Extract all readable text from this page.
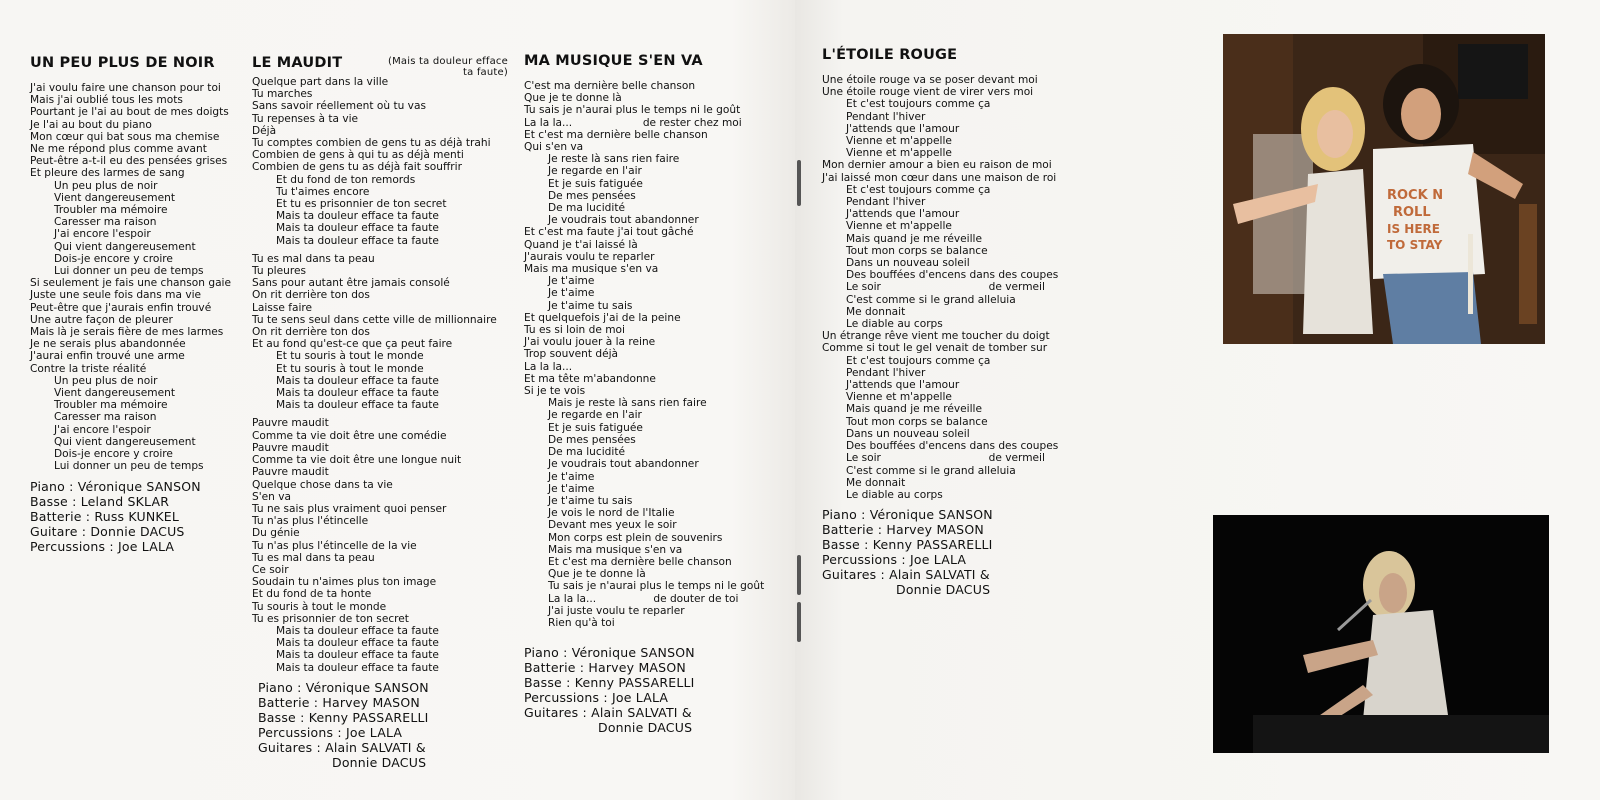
UN PEU PLUS DE NOIR
J'ai voulu faire une chanson pour toi
Mais j'ai oublié tous les mots
Pourtant je l'ai au bout de mes doigts
Je l'ai au bout du piano
Mon cœur qui bat sous ma chemise
Ne me répond plus comme avant
Peut-être a-t-il eu des pensées grises
Et pleure des larmes de sang
Un peu plus de noir
Vient dangereusement
Troubler ma mémoire
Caresser ma raison
J'ai encore l'espoir
Qui vient dangereusement
Dois-je encore y croire
Lui donner un peu de temps
Si seulement je fais une chanson gaie
Juste une seule fois dans ma vie
Peut-être que j'aurais enfin trouvé
Une autre façon de pleurer
Mais là je serais fière de mes larmes
Je ne serais plus abandonnée
J'aurai enfin trouvé une arme
Contre la triste réalité
Un peu plus de noir
Vient dangereusement
Troubler ma mémoire
Caresser ma raison
J'ai encore l'espoir
Qui vient dangereusement
Dois-je encore y croire
Lui donner un peu de temps
Piano : Véronique SANSON
Basse : Leland SKLAR
Batterie : Russ KUNKEL
Guitare : Donnie DACUS
Percussions : Joe LALA
LE MAUDIT	(Mais ta douleur efface
ta faute)
Quelque part dans la ville
Tu marches
Sans savoir réellement où tu vas
Tu repenses à ta vie
Déjà
Tu comptes combien de gens tu as déjà trahi
Combien de gens à qui tu as déjà menti
Combien de gens tu as déjà fait souffrir
Et du fond de ton remords
Tu t'aimes encore
Et tu es prisonnier de ton secret
Mais ta douleur efface ta faute
Mais ta douleur efface ta faute
Mais ta douleur efface ta faute

Tu es mal dans ta peau
Tu pleures
Sans pour autant être jamais consolé
On rit derrière ton dos
Laisse faire
Tu te sens seul dans cette ville de millionnaire
On rit derrière ton dos
Et au fond qu'est-ce que ça peut faire
Et tu souris à tout le monde
Et tu souris à tout le monde
Mais ta douleur efface ta faute
Mais ta douleur efface ta faute
Mais ta douleur efface ta faute

Pauvre maudit
Comme ta vie doit être une comédie
Pauvre maudit
Comme ta vie doit être une longue nuit
Pauvre maudit
Quelque chose dans ta vie
S'en va
Tu ne sais plus vraiment quoi penser
Tu n'as plus l'étincelle
Du génie
Tu n'as plus l'étincelle de la vie
Tu es mal dans ta peau
Ce soir
Soudain tu n'aimes plus ton image
Et du fond de ta honte
Tu souris à tout le monde
Tu es prisonnier de ton secret
Mais ta douleur efface ta faute
Mais ta douleur efface ta faute
Mais ta douleur efface ta faute
Mais ta douleur efface ta faute
Piano : Véronique SANSON
Batterie : Harvey MASON
Basse : Kenny PASSARELLI
Percussions : Joe LALA
Guitares : Alain SALVATI &
Donnie DACUS
MA MUSIQUE S'EN VA
C'est ma dernière belle chanson
Que je te donne là
Tu sais je n'aurai plus le temps ni le goût
La la la...                     de rester chez moi
Et c'est ma dernière belle chanson
Qui s'en va
Je reste là sans rien faire
Je regarde en l'air
Et je suis fatiguée
De mes pensées
De ma lucidité
Je voudrais tout abandonner
Et c'est ma faute j'ai tout gâché
Quand je t'ai laissé là
J'aurais voulu te reparler
Mais ma musique s'en va
Je t'aime
Je t'aime
Je t'aime tu sais
Et quelquefois j'ai de la peine
Tu es si loin de moi
J'ai voulu jouer à la reine
Trop souvent déjà
La la la...
Et ma tête m'abandonne
Si je te vois
Mais je reste là sans rien faire
Je regarde en l'air
Et je suis fatiguée
De mes pensées
De ma lucidité
Je voudrais tout abandonner
Je t'aime
Je t'aime
Je t'aime tu sais
Je vois le nord de l'Italie
Devant mes yeux le soir
Mon corps est plein de souvenirs
Mais ma musique s'en va
Et c'est ma dernière belle chanson
Que je te donne là
Tu sais je n'aurai plus le temps ni le goût
La la la...                 de douter de toi
J'ai juste voulu te reparler
Rien qu'à toi
Piano : Véronique SANSON
Batterie : Harvey MASON
Basse : Kenny PASSARELLI
Percussions : Joe LALA
Guitares : Alain SALVATI &
Donnie DACUS
L'ÉTOILE ROUGE
Une étoile rouge va se poser devant moi
Une étoile rouge vient de virer vers moi
Et c'est toujours comme ça
Pendant l'hiver
J'attends que l'amour
Vienne et m'appelle
Vienne et m'appelle
Mon dernier amour a bien eu raison de moi
J'ai laissé mon cœur dans une maison de roi
Et c'est toujours comme ça
Pendant l'hiver
J'attends que l'amour
Vienne et m'appelle
Mais quand je me réveille
Tout mon corps se balance
Dans un nouveau soleil
Des bouffées d'encens dans des coupes
Le soir                                de vermeil
C'est comme si le grand alleluia
Me donnait
Le diable au corps
Un étrange rêve vient me toucher du doigt
Comme si tout le gel venait de tomber sur
Et c'est toujours comme ça
Pendant l'hiver
J'attends que l'amour
Vienne et m'appelle
Mais quand je me réveille
Tout mon corps se balance
Dans un nouveau soleil
Des bouffées d'encens dans des coupes
Le soir                                de vermeil
C'est comme si le grand alleluia
Me donnait
Le diable au corps
Piano : Véronique SANSON
Batterie : Harvey MASON
Basse : Kenny PASSARELLI
Percussions : Joe LALA
Guitares : Alain SALVATI &
Donnie DACUS
ROCK N
ROLL
IS HERE
TO STAY
